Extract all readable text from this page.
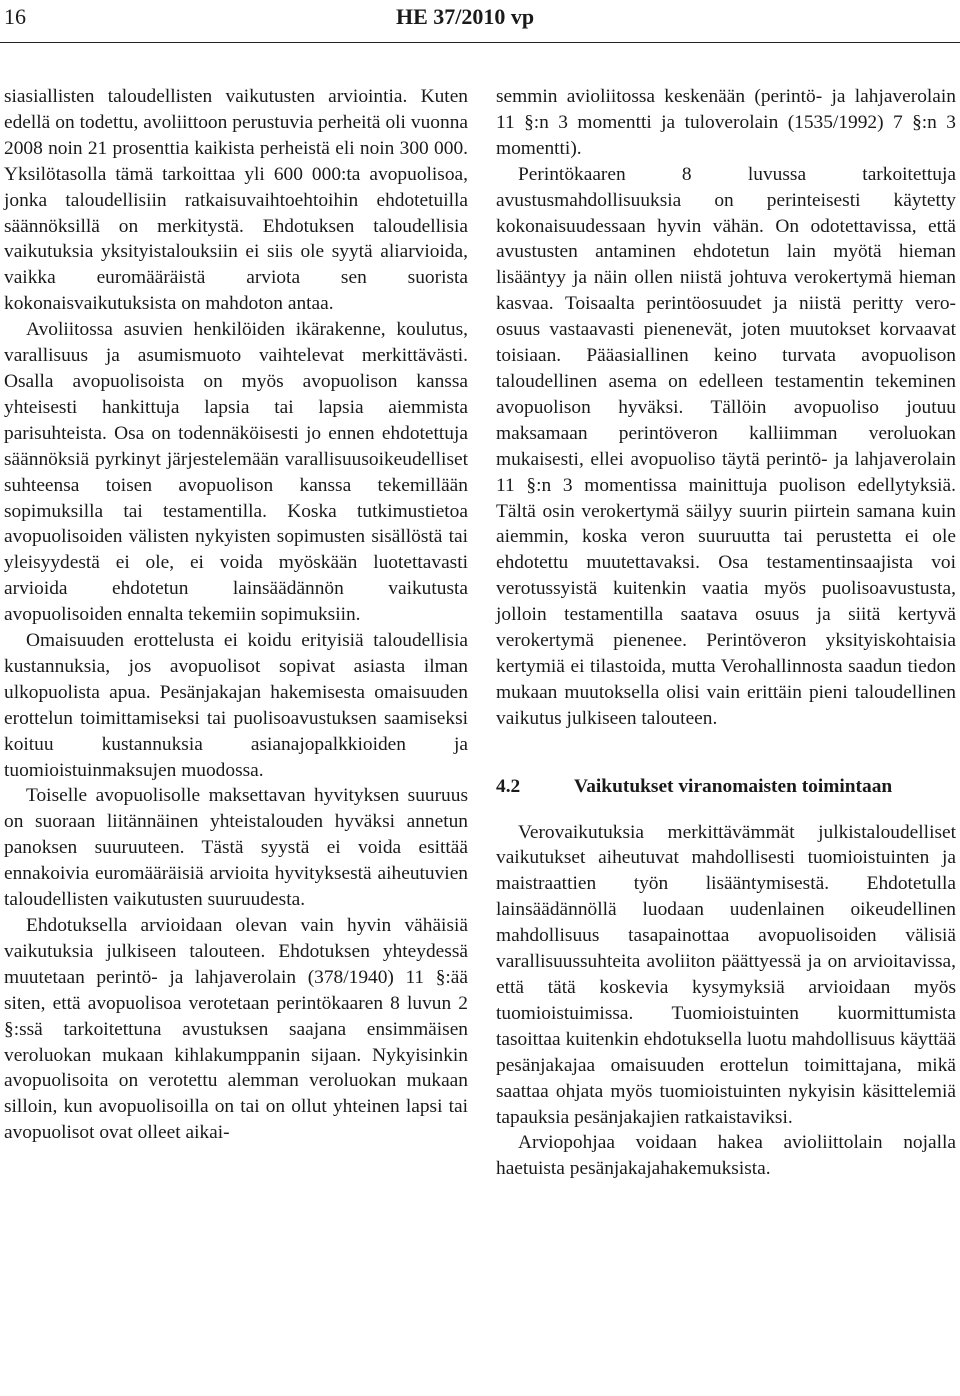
16	HE 37/2010 vp

siasiallisten taloudellisten vaikutusten arviointia. Kuten edellä on todettu, avoliittoon perustuvia perheitä oli vuonna 2008 noin 21 prosenttia kaikista perheistä eli noin 300 000. Yksilötasolla tämä tarkoittaa yli 600 000:ta avopuolisoa, jonka taloudellisiin ratkaisuvaihtoehtoihin ehdotetuilla säännöksillä on merkitystä. Ehdotuksen taloudellisia vaikutuksia yksityistalouksiin ei siis ole syytä aliarvioida, vaikka euromääräistä arviota sen suorista kokonaisvaikutuksista on mahdoton antaa.

Avoliitossa asuvien henkilöiden ikärakenne, koulutus, varallisuus ja asumismuoto vaihtelevat merkittävästi. Osalla avopuolisoista on myös avopuolison kanssa yhteisesti hankittuja lapsia tai lapsia aiemmista parisuhteista. Osa on todennäköisesti jo ennen ehdotettuja säännöksiä pyrkinyt järjestelemään varallisuusoikeudelliset suhteensa toisen avopuolison kanssa tekemillään sopimuksilla tai testamentilla. Koska tutkimustietoa avopuolisoiden välisten nykyisten sopimusten sisällöstä tai yleisyydestä ei ole, ei voida myöskään luotettavasti arvioida ehdotetun lainsäädännön vaikutusta avopuolisoiden ennalta tekemiin sopimuksiin.

Omaisuuden erottelusta ei koidu erityisiä taloudellisia kustannuksia, jos avopuolisot sopivat asiasta ilman ulkopuolista apua. Pesänjakajan hakemisesta omaisuuden erottelun toimittamiseksi tai puolisoavustuksen saamiseksi koituu kustannuksia asianajopalkkioiden ja tuomioistuinmaksujen muodossa.

Toiselle avopuolisolle maksettavan hyvityksen suuruus on suoraan liitännäinen yhteistalouden hyväksi annetun panoksen suuruuteen. Tästä syystä ei voida esittää ennakoivia euromääräisiä arvioita hyvityksestä aiheutuvien taloudellisten vaikutusten suuruudesta.

Ehdotuksella arvioidaan olevan vain hyvin vähäisiä vaikutuksia julkiseen talouteen. Ehdotuksen yhteydessä muutetaan perintö- ja lahjaverolain (378/1940) 11 §:ää siten, että avopuolisoa verotetaan perintökaaren 8 luvun 2 §:ssä tarkoitettuna avustuksen saajana ensimmäisen veroluokan mukaan kihlakumppanin sijaan. Nykyisinkin avopuolisoita on verotettu alemman veroluokan mukaan silloin, kun avopuolisoilla on tai on ollut yhteinen lapsi tai avopuolisot ovat olleet aikai-

semmin avioliitossa keskenään (perintö- ja lahjaverolain 11 §:n 3 momentti ja tuloverolain (1535/1992) 7 §:n 3 momentti).

Perintökaaren 8 luvussa tarkoitettuja avustusmahdollisuuksia on perinteisesti käytetty kokonaisuudessaan hyvin vähän. On odotettavissa, että avustusten antaminen ehdotetun lain myötä hieman lisääntyy ja näin ollen niistä johtuva verokertymä hieman kasvaa. Toisaalta perintöosuudet ja niistä peritty vero-osuus vastaavasti pienenevät, joten muutokset korvaavat toisiaan. Pääasiallinen keino turvata avopuolison taloudellinen asema on edelleen testamentin tekeminen avopuolison hyväksi. Tällöin avopuoliso joutuu maksamaan perintöveron kalliimman veroluokan mukaisesti, ellei avopuoliso täytä perintö- ja lahjaverolain 11 §:n 3 momentissa mainittuja puolison edellytyksiä. Tältä osin verokertymä säilyy suurin piirtein samana kuin aiemmin, koska veron suuruutta tai perustetta ei ole ehdotettu muutettavaksi. Osa testamentinsaajista voi verotussyistä kuitenkin vaatia myös puolisoavustusta, jolloin testamentilla saatava osuus ja siitä kertyvä verokertymä pienenee. Perintöveron yksityiskohtaisia kertymiä ei tilastoida, mutta Verohallinnosta saadun tiedon mukaan muutoksella olisi vain erittäin pieni taloudellinen vaikutus julkiseen talouteen.

4.2	Vaikutukset viranomaisten toimintaan

Verovaikutuksia merkittävämmät julkistaloudelliset vaikutukset aiheutuvat mahdollisesti tuomioistuinten ja maistraattien työn lisääntymisestä. Ehdotetulla lainsäädännöllä luodaan uudenlainen oikeudellinen mahdollisuus tasapainottaa avopuolisoiden välisiä varallisuussuhteita avoliiton päättyessä ja on arvioitavissa, että tätä koskevia kysymyksiä arvioidaan myös tuomioistuimissa. Tuomioistuinten kuormittumista tasoittaa kuitenkin ehdotuksella luotu mahdollisuus käyttää pesänjakajaa omaisuuden erottelun toimittajana, mikä saattaa ohjata myös tuomioistuinten nykyisin käsittelemiä tapauksia pesänjakajien ratkaistaviksi.

Arviopohjaa voidaan hakea avioliittolain nojalla haetuista pesänjakajahakemuksista.
